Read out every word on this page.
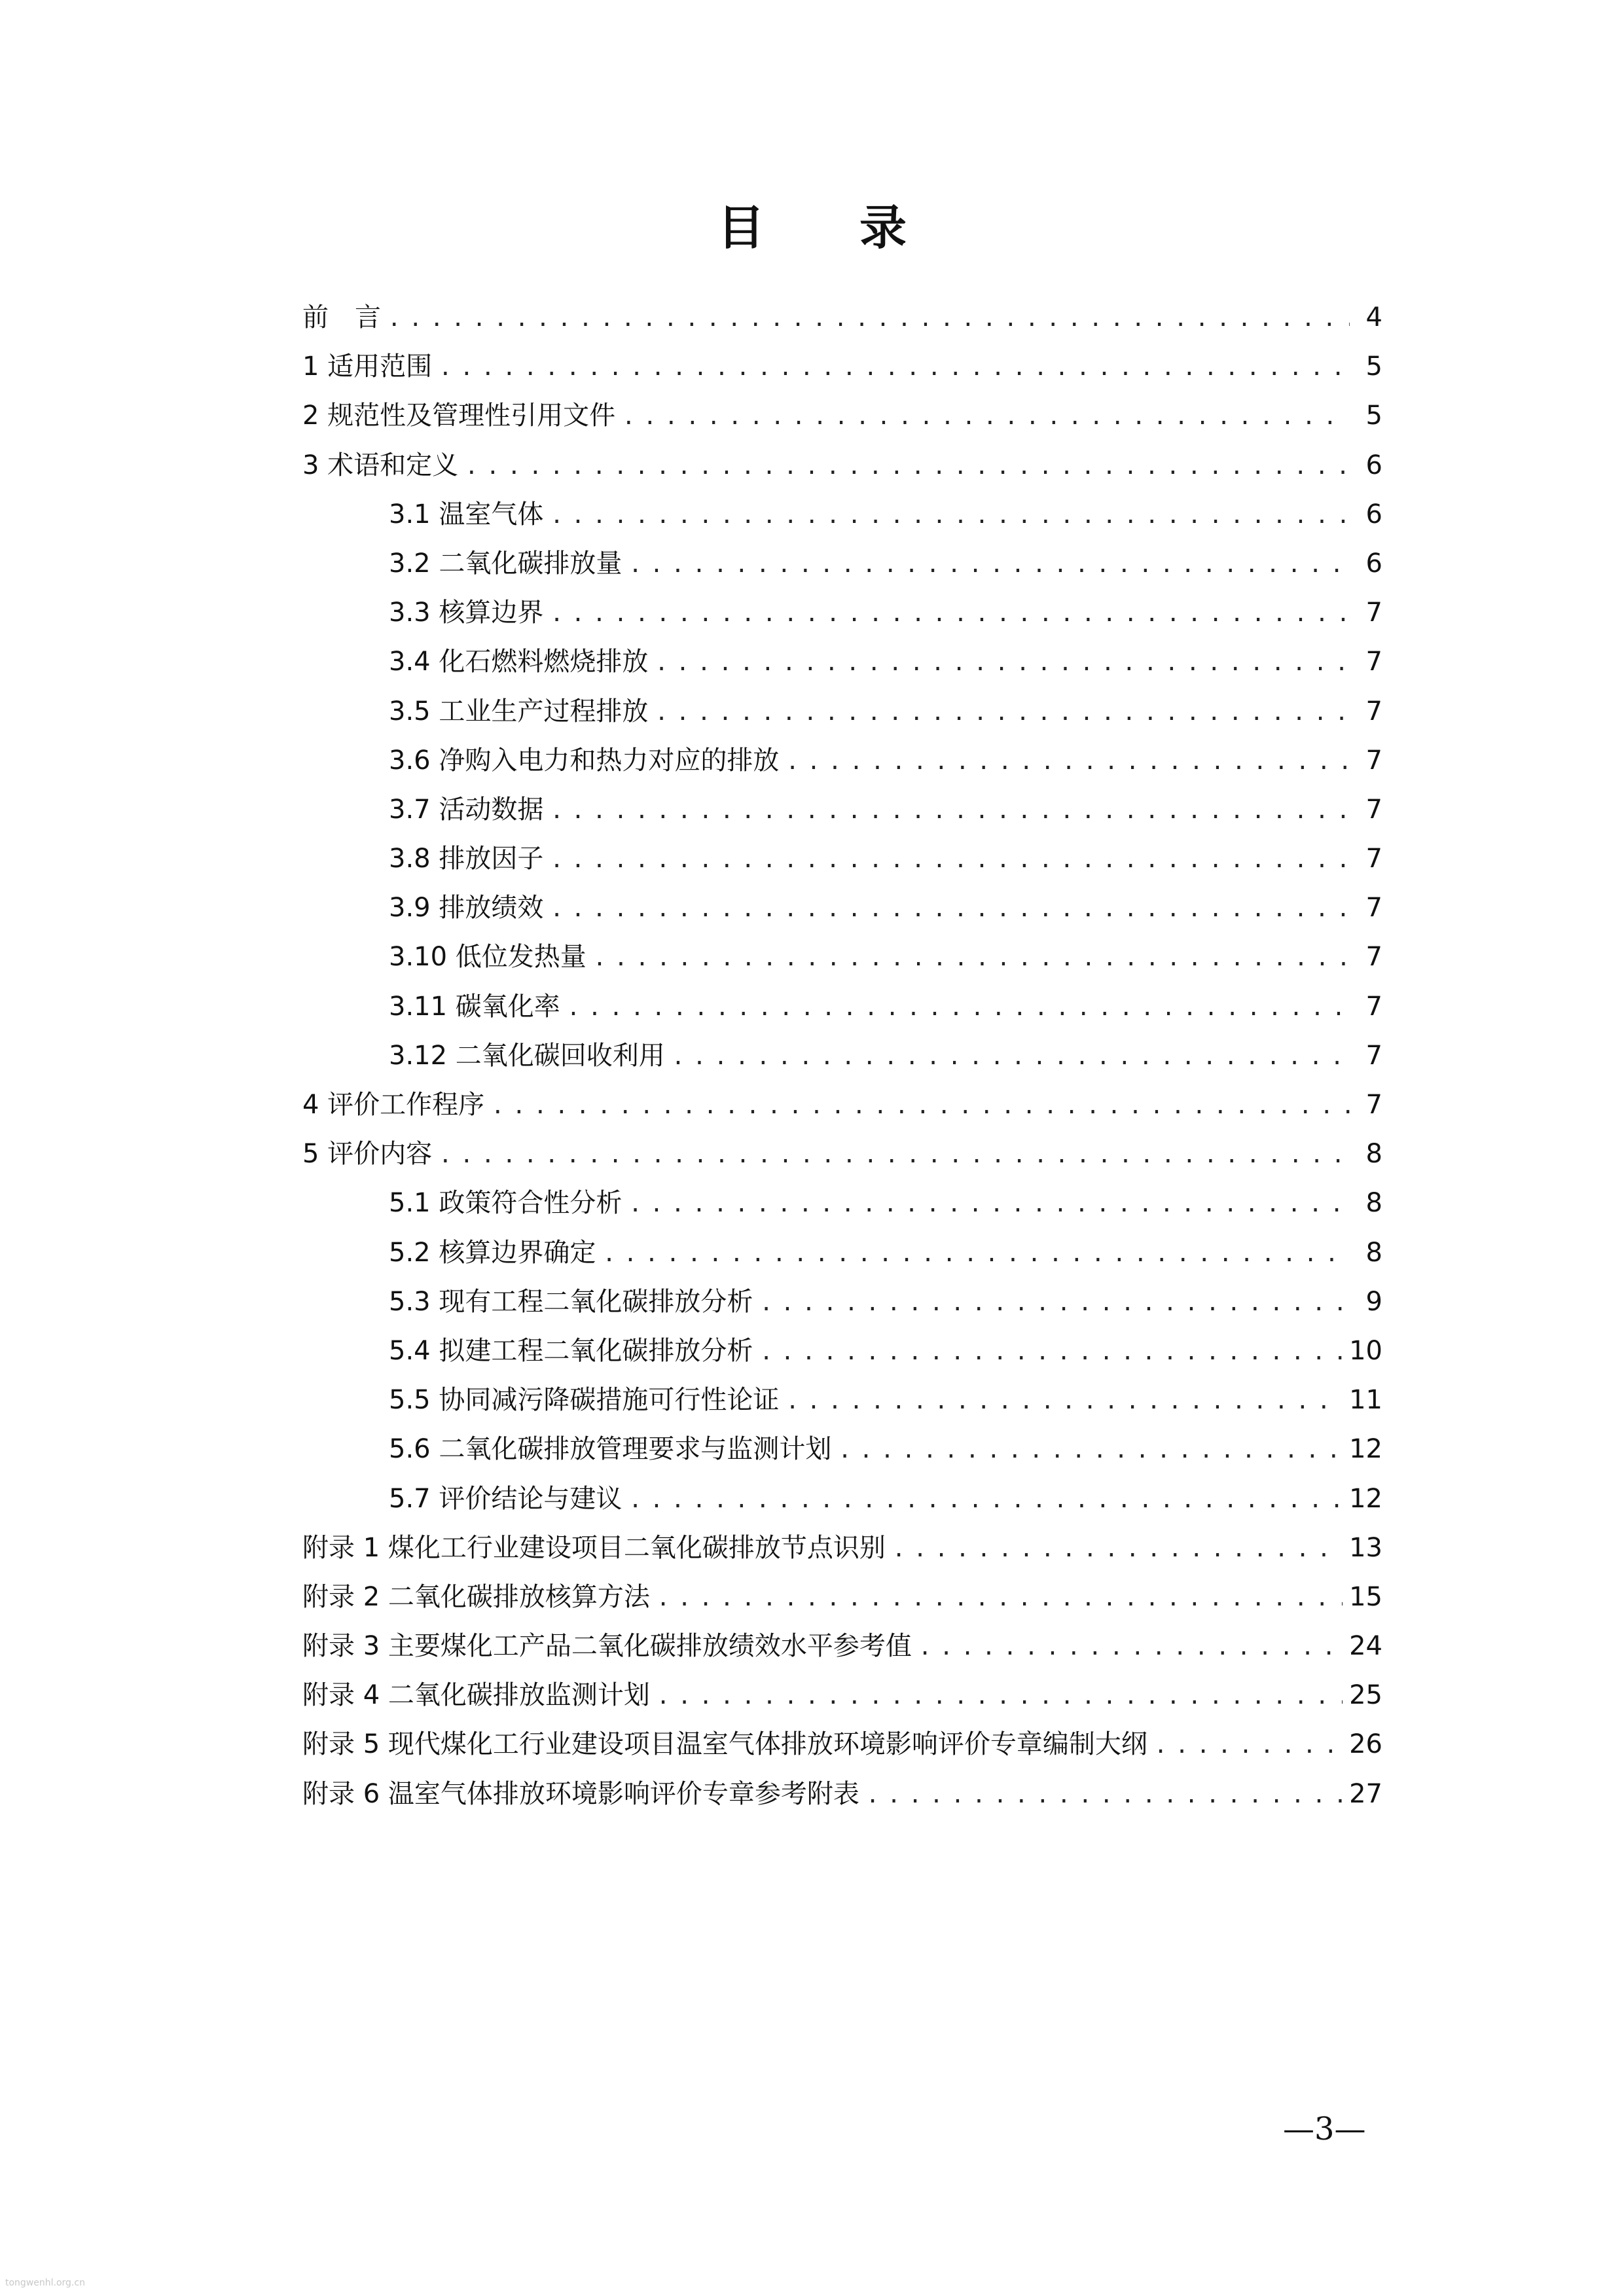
目 录
前　言 .....	4
1 适用范围 .....	5
2 规范性及管理性引用文件 .....	5
3 术语和定义 .....	6
3.1 温室气体 .....	6
3.2 二氧化碳排放量 .....	6
3.3 核算边界 .....	7
3.4 化石燃料燃烧排放 .....	7
3.5 工业生产过程排放 .....	7
3.6 净购入电力和热力对应的排放 .....	7
3.7 活动数据 .....	7
3.8 排放因子 .....	7
3.9 排放绩效 .....	7
3.10 低位发热量 .....	7
3.11 碳氧化率 .....	7
3.12 二氧化碳回收利用 .....	7
4 评价工作程序 .....	7
5 评价内容 .....	8
5.1 政策符合性分析 .....	8
5.2 核算边界确定 .....	8
5.3 现有工程二氧化碳排放分析 .....	9
5.4 拟建工程二氧化碳排放分析 .....	10
5.5 协同减污降碳措施可行性论证 .....	11
5.6 二氧化碳排放管理要求与监测计划 .....	12
5.7 评价结论与建议 .....	12
附录 1 煤化工行业建设项目二氧化碳排放节点识别 .....	13
附录 2 二氧化碳排放核算方法 .....	15
附录 3 主要煤化工产品二氧化碳排放绩效水平参考值 .....	24
附录 4 二氧化碳排放监测计划 .....	25
附录 5 现代煤化工行业建设项目温室气体排放环境影响评价专章编制大纲 .....	26
附录 6 温室气体排放环境影响评价专章参考附表 .....	27
—3—
tongwenhl.org.cn
